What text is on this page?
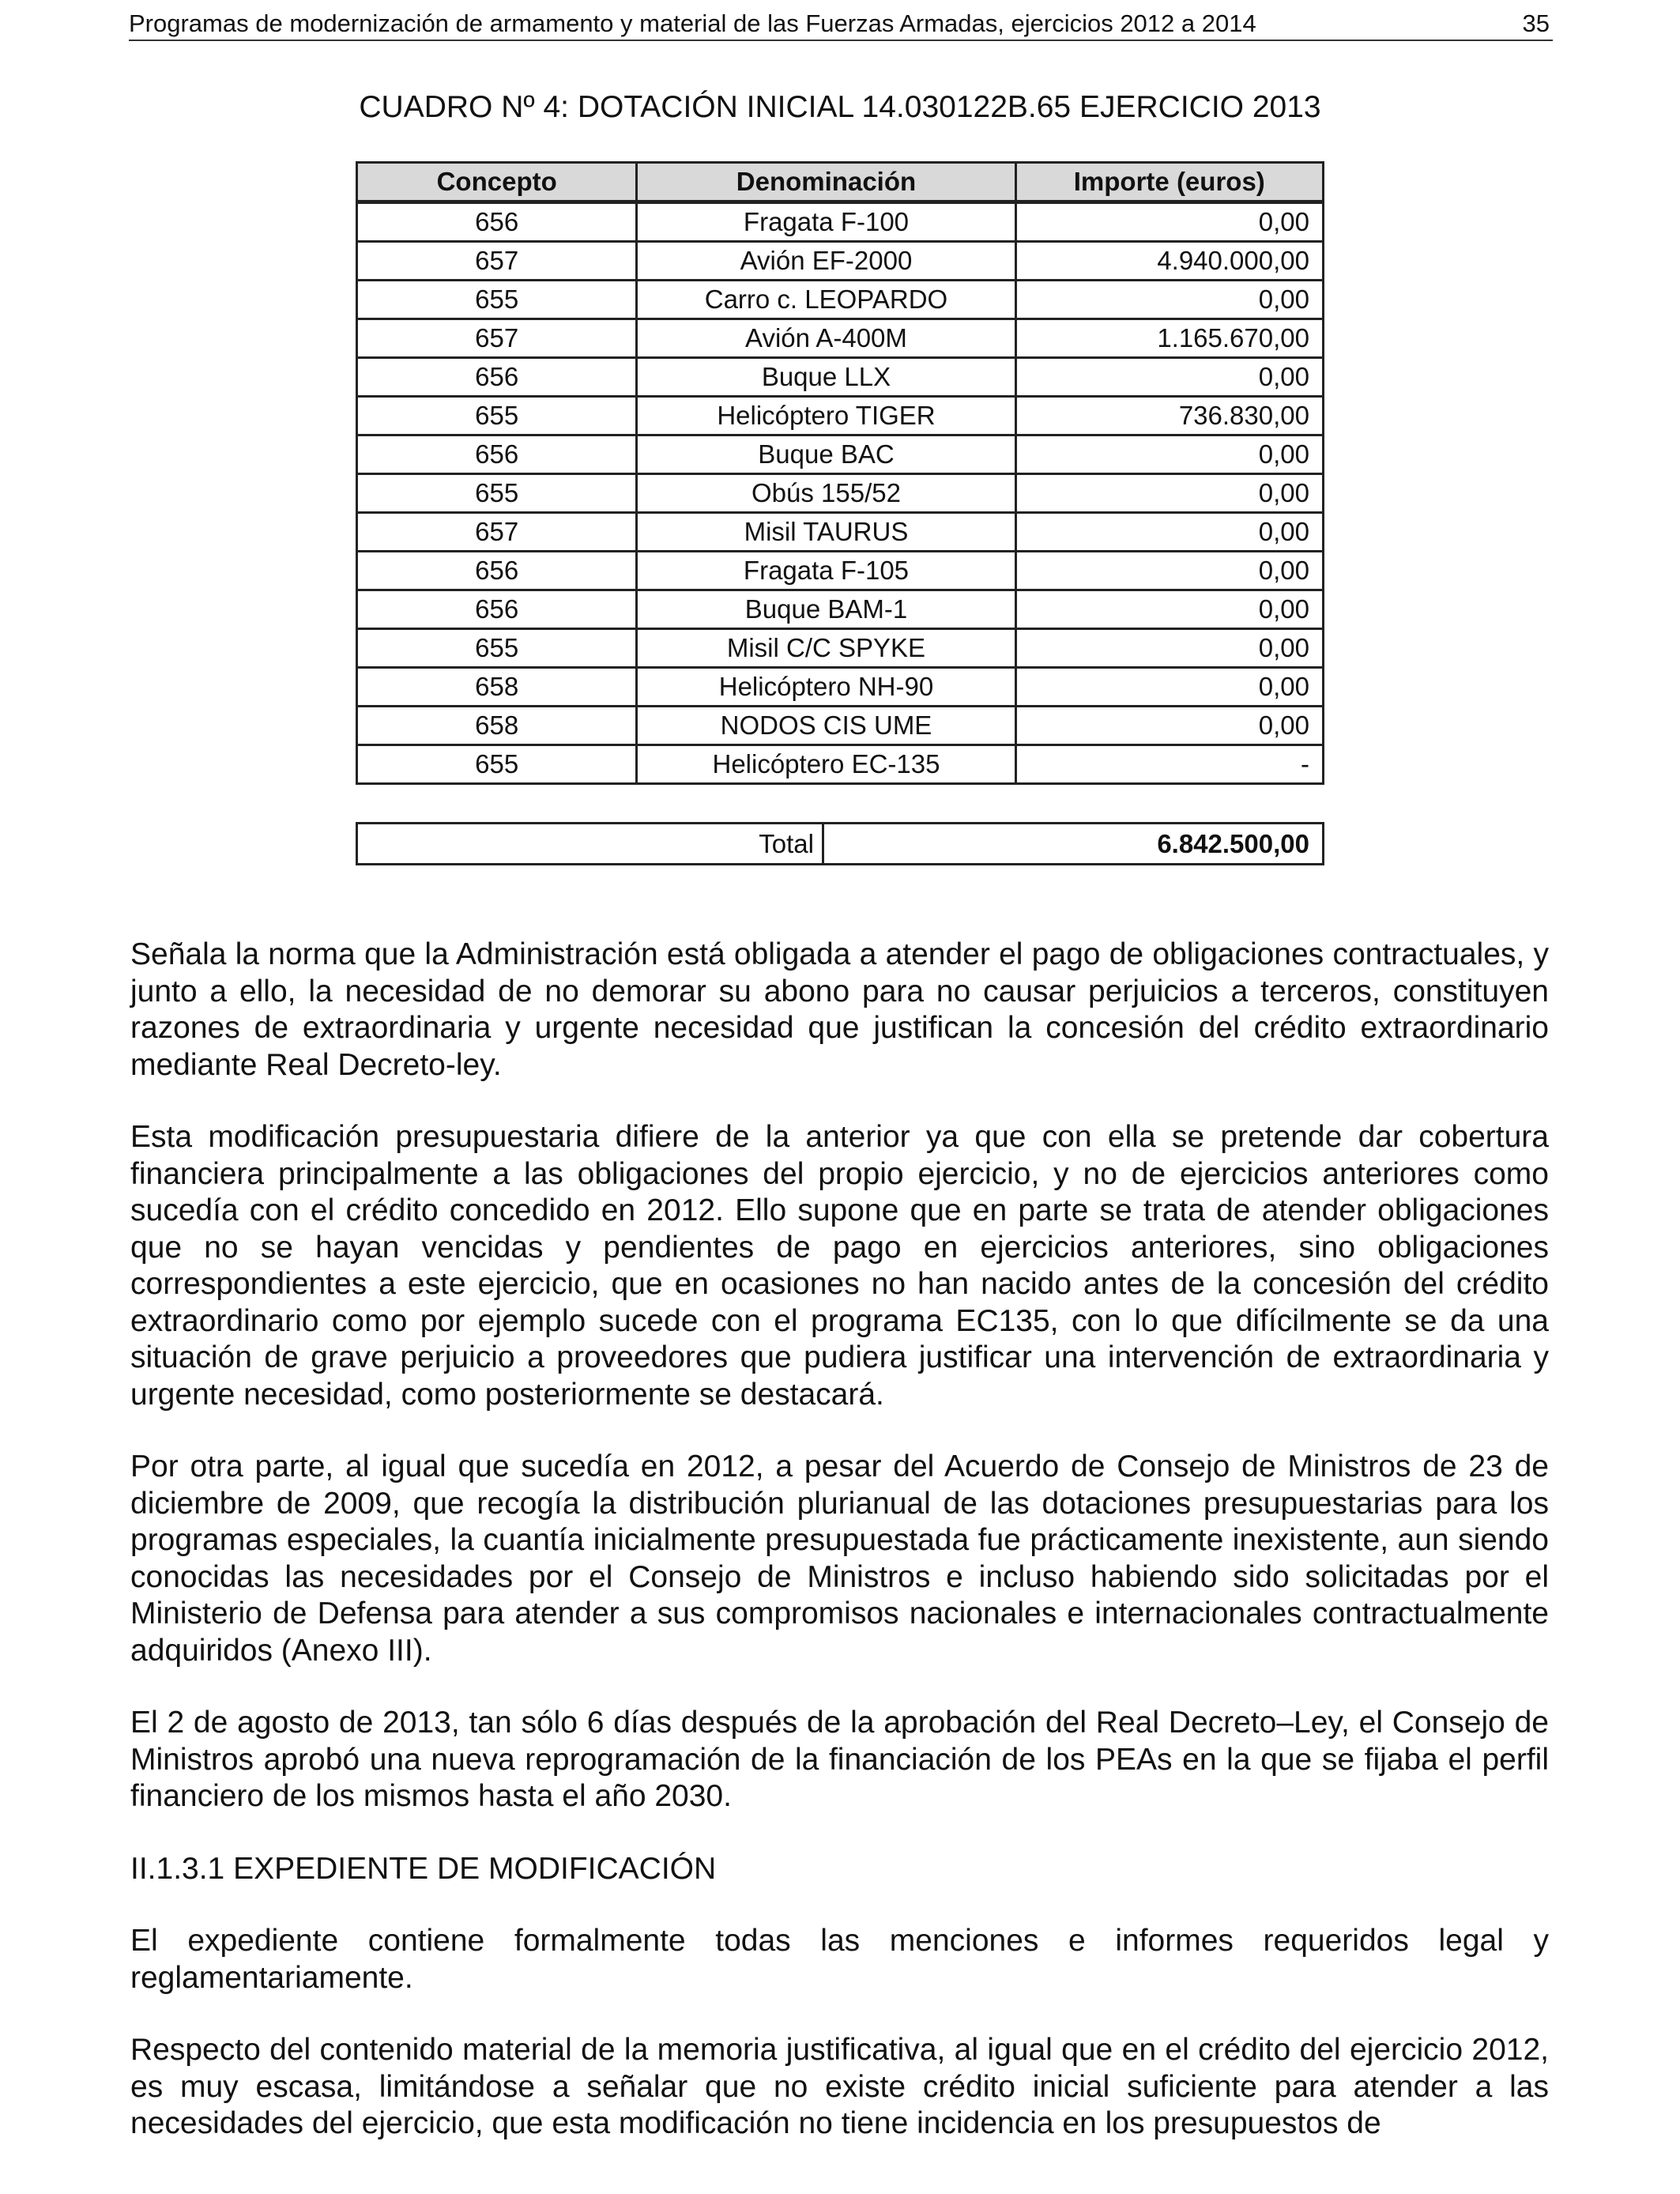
Programas de modernización de armamento y material de las Fuerzas Armadas, ejercicios 2012 a 2014	35
CUADRO Nº 4: DOTACIÓN INICIAL 14.030122B.65 EJERCICIO 2013
Concepto	Denominación	Importe (euros)
656	Fragata F-100	0,00
657	Avión EF-2000	4.940.000,00
655	Carro c. LEOPARDO	0,00
657	Avión A-400M	1.165.670,00
656	Buque LLX	0,00
655	Helicóptero TIGER	736.830,00
656	Buque BAC	0,00
655	Obús 155/52	0,00
657	Misil TAURUS	0,00
656	Fragata F-105	0,00
656	Buque BAM-1	0,00
655	Misil C/C SPYKE	0,00
658	Helicóptero NH-90	0,00
658	NODOS CIS UME	0,00
655	Helicóptero EC-135	-
Total	6.842.500,00

Señala la norma que la Administración está obligada a atender el pago de obligaciones contractuales, y junto a ello, la necesidad de no demorar su abono para no causar perjuicios a terceros, constituyen razones de extraordinaria y urgente necesidad que justifican la concesión del crédito extraordinario mediante Real Decreto-ley.

Esta modificación presupuestaria difiere de la anterior ya que con ella se pretende dar cobertura financiera principalmente a las obligaciones del propio ejercicio, y no de ejercicios anteriores como sucedía con el crédito concedido en 2012. Ello supone que en parte se trata de atender obligaciones que no se hayan vencidas y pendientes de pago en ejercicios anteriores, sino obligaciones correspondientes a este ejercicio, que en ocasiones no han nacido antes de la concesión del crédito extraordinario como por ejemplo sucede con el programa EC135, con lo que difícilmente se da una situación de grave perjuicio a proveedores que pudiera justificar una intervención de extraordinaria y urgente necesidad, como posteriormente se destacará.

Por otra parte, al igual que sucedía en 2012, a pesar del Acuerdo de Consejo de Ministros de 23 de diciembre de 2009, que recogía la distribución plurianual de las dotaciones presupuestarias para los programas especiales, la cuantía inicialmente presupuestada fue prácticamente inexistente, aun siendo conocidas las necesidades por el Consejo de Ministros e incluso habiendo sido solicitadas por el Ministerio de Defensa para atender a sus compromisos nacionales e internacionales contractualmente adquiridos (Anexo III).

El 2 de agosto de 2013, tan sólo 6 días después de la aprobación del Real Decreto–Ley, el Consejo de Ministros aprobó una nueva reprogramación de la financiación de los PEAs en la que se fijaba el perfil financiero de los mismos hasta el año 2030.

II.1.3.1 EXPEDIENTE DE MODIFICACIÓN

El expediente contiene formalmente todas las menciones e informes requeridos legal y reglamentariamente.

Respecto del contenido material de la memoria justificativa, al igual que en el crédito del ejercicio 2012, es muy escasa, limitándose a señalar que no existe crédito inicial suficiente para atender a las necesidades del ejercicio, que esta modificación no tiene incidencia en los presupuestos de
